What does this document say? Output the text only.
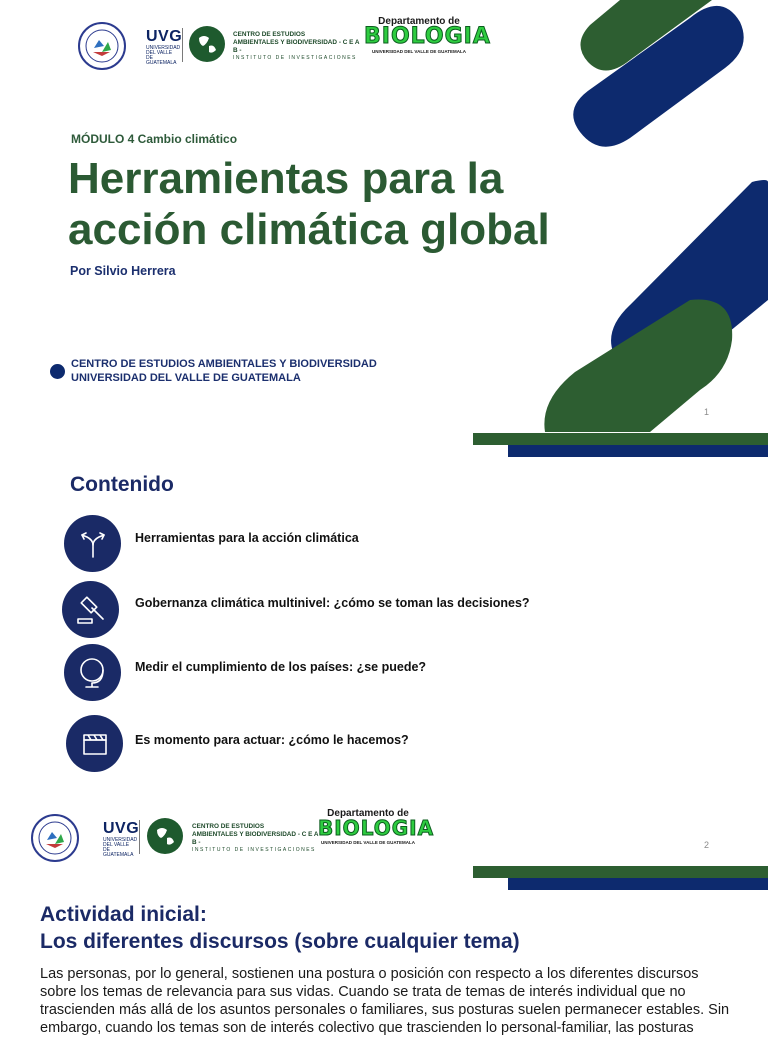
UVG
UNIVERSIDAD DEL VALLE DE GUATEMALA
CENTRO DE ESTUDIOS
AMBIENTALES Y BIODIVERSIDAD - C E A B -
INSTITUTO DE INVESTIGACIONES
Departamento de
BIOLOGIA
UNIVERSIDAD DEL VALLE DE GUATEMALA
MÓDULO 4 Cambio climático
Herramientas para la
acción climática global
Por Silvio Herrera
CENTRO DE ESTUDIOS AMBIENTALES Y BIODIVERSIDAD
UNIVERSIDAD DEL VALLE DE GUATEMALA
1
Contenido
Herramientas para la acción climática
Gobernanza climática multinivel: ¿cómo se toman las decisiones?
Medir el cumplimiento de los países: ¿se puede?
Es momento para actuar: ¿cómo le hacemos?
UVG
UNIVERSIDAD DEL VALLE DE GUATEMALA
CENTRO DE ESTUDIOS
AMBIENTALES Y BIODIVERSIDAD - C E A B -
INSTITUTO DE INVESTIGACIONES
Departamento de
BIOLOGIA
UNIVERSIDAD DEL VALLE DE GUATEMALA	2
Actividad inicial:
Los diferentes discursos (sobre cualquier tema)
Las personas, por lo general, sostienen una postura o posición con respecto a los diferentes discursos
sobre los temas de relevancia para sus vidas. Cuando se trata de temas de interés individual que no
trascienden más allá de los asuntos personales o familiares, sus posturas suelen permanecer estables. Sin
embargo, cuando los temas son de interés colectivo que trascienden lo personal-familiar, las posturas
